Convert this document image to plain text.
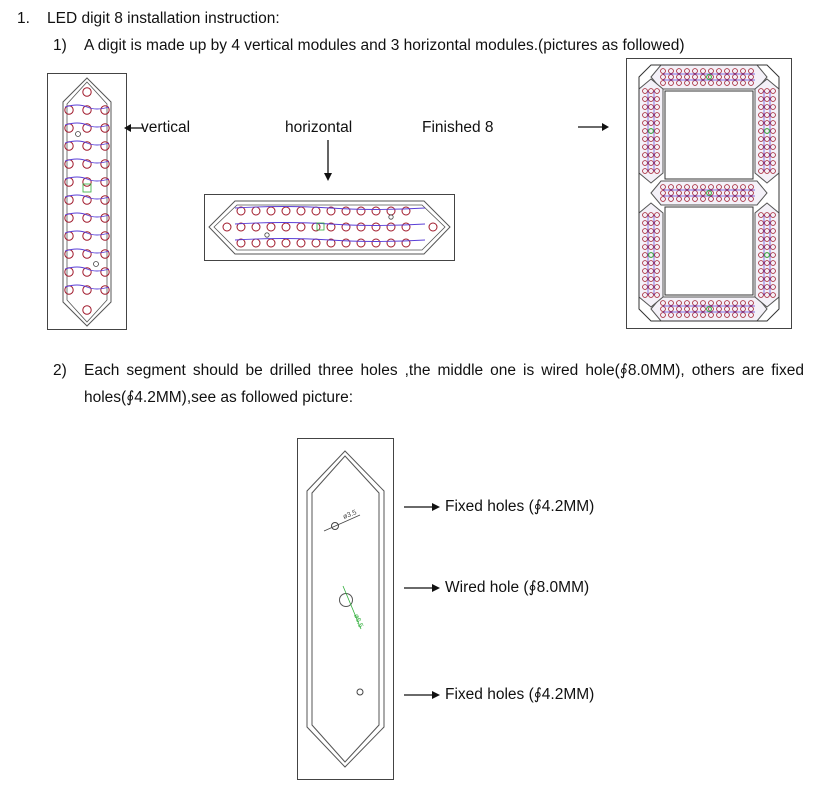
1. LED digit 8 installation instruction:
1) A digit is made up by 4 vertical modules and 3 horizontal modules.(pictures as followed)
vertical	horizontal	Finished 8
2) Each segment should be drilled three holes ,the middle one is wired hole(∮8.0MM), others are fixed holes(∮4.2MM),see as followed picture:
ø3.5
ø6.5
Fixed holes (∮4.2MM)
Wired hole (∮8.0MM)
Fixed holes (∮4.2MM)
